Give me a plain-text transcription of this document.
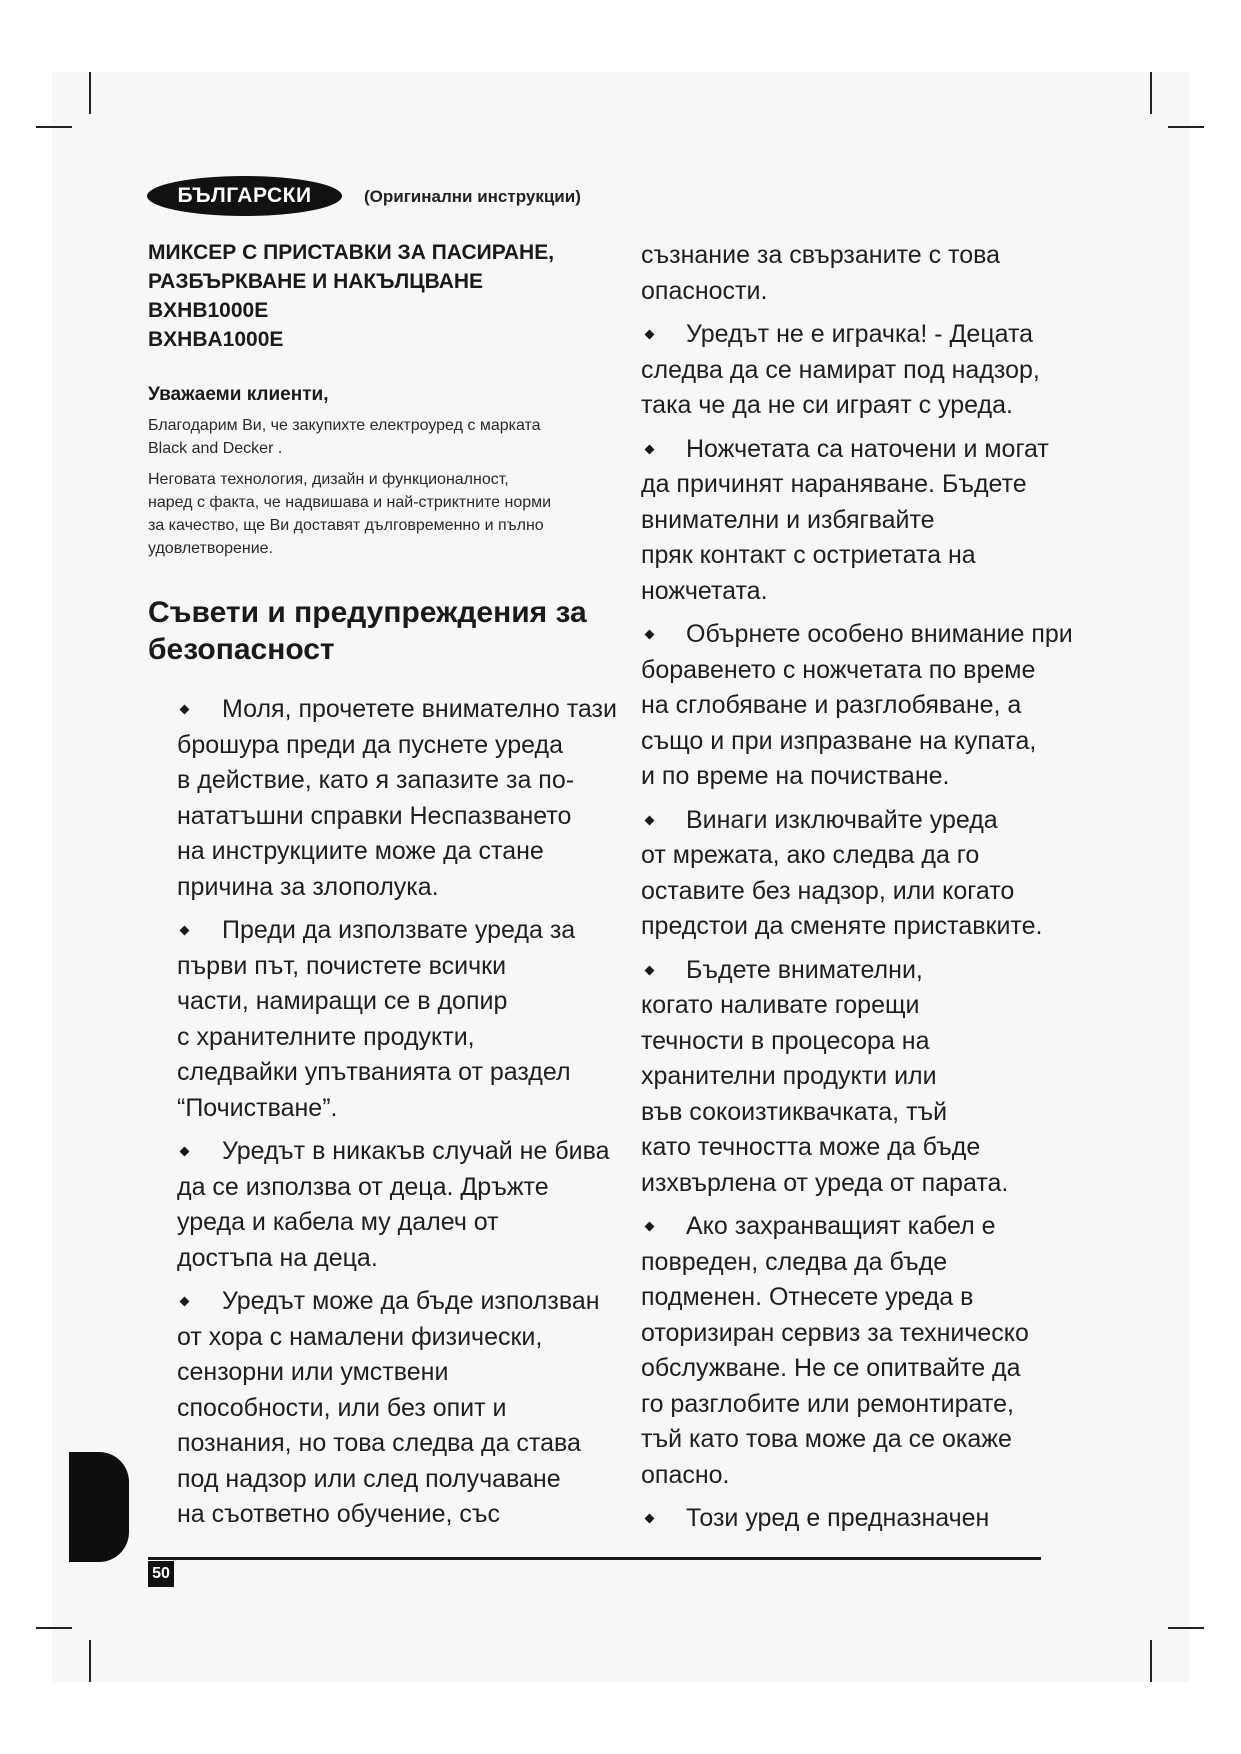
БЪЛГАРСКИ	(Оригинални инструкции)
МИКСЕР С ПРИСТАВКИ ЗА ПАСИРАНЕ,
РАЗБЪРКВАНЕ И НАКЪЛЦВАНЕ
BXHB1000E
BXHBA1000E
Уважаеми клиенти,
Благодарим Ви, че закупихте електроуред с марката
Black and Decker .
Неговата технология, дизайн и функционалност,
наред с факта, че надвишава и най-стриктните норми
за качество, ще Ви доставят дълговременно и пълно
удовлетворение.
Съвети и предупреждения за
безопасност
Моля, прочетете внимателно тази
брошура преди да пуснете уреда
в действие, като я запазите за по-
нататъшни справки Неспазването
на инструкциите може да стане
причина за злополука.
Преди да използвате уреда за
първи път, почистете всички
части, намиращи се в допир
с хранителните продукти,
следвайки упътванията от раздел
“Почистване”.
Уредът в никакъв случай не бива
да се използва от деца. Дръжте
уреда и кабела му далеч от
достъпа на деца.
Уредът може да бъде използван
от хора с намалени физически,
сензорни или умствени
способности, или без опит и
познания, но това следва да става
под надзор или след получаване
на съответно обучение, със
съзнание за свързаните с това
опасности.
Уредът не е играчка! - Децата
следва да се намират под надзор,
така че да не си играят с уреда.
Ножчетата са наточени и могат
да причинят нараняване. Бъдете
внимателни и избягвайте
пряк контакт с остриетата на
ножчетата.
Обърнете особено внимание при
боравенето с ножчетата по време
на сглобяване и разглобяване, а
също и при изпразване на купата,
и по време на почистване.
Винаги изключвайте уреда
от мрежата, ако следва да го
оставите без надзор, или когато
предстои да сменяте приставките.
Бъдете внимателни,
когато наливате горещи
течности в процесора на
хранителни продукти или
във сокоизтиквачката, тъй
като течността може да бъде
изхвърлена от уреда от парата.
Ако захранващият кабел е
повреден, следва да бъде
подменен. Отнесете уреда в
оторизиран сервиз за техническо
обслужване. Не се опитвайте да
го разглобите или ремонтирате,
тъй като това може да се окаже
опасно.
Този уред е предназначен
50
